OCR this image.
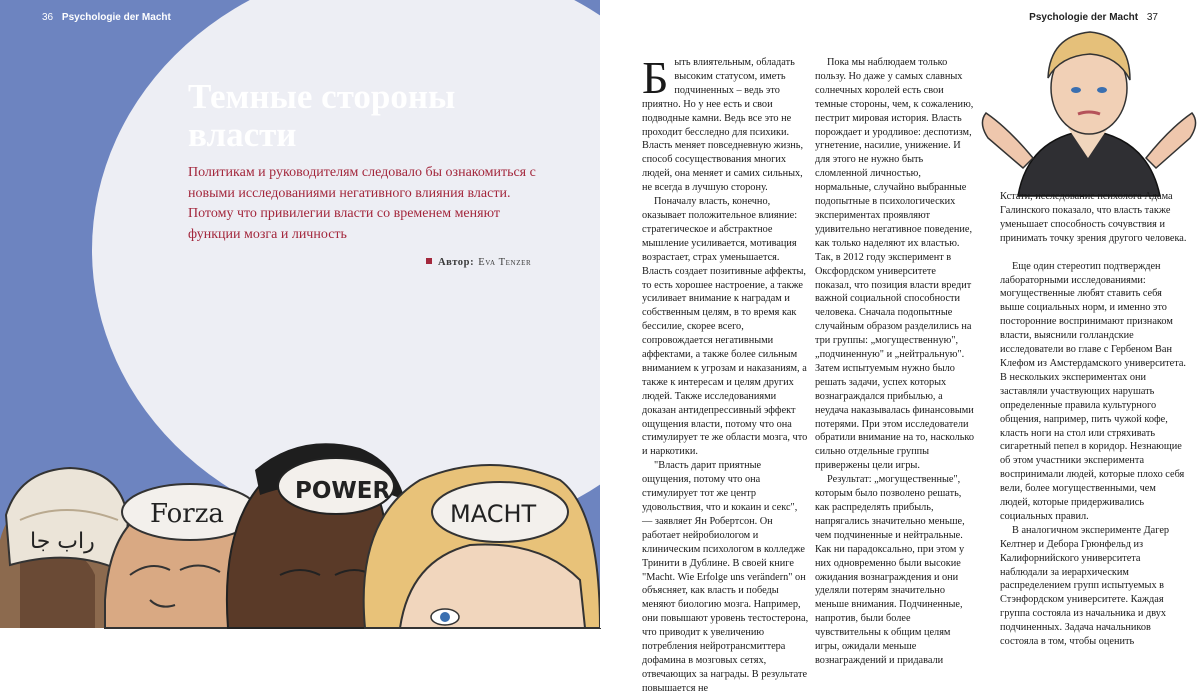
36 Psychologie der Macht
Темные стороны
власти
Политикам и руководителям следовало бы ознакомиться с новыми исследованиями негативного влияния власти. Потому что привилегии власти со временем меняют функции мозга и личность
Автор: Eva Tenzer
راب جا
Forza
POWER
MACHT
Psychologie der Macht 37

Быть влиятельным, обладать высоким статусом, иметь подчиненных – ведь это приятно. Но у нее есть и свои подводные камни. Ведь все это не проходит бесследно для психики. Власть меняет повседневную жизнь, способ сосуществования многих людей, она меняет и самих сильных, не всегда в лучшую сторону.

Поначалу власть, конечно, оказывает положительное влияние: стратегическое и абстрактное мышление усиливается, мотивация возрастает, страх уменьшается. Власть создает позитивные аффекты, то есть хорошее настроение, а также усиливает внимание к наградам и собственным целям, в то время как бессилие, скорее всего, сопровождается негативными аффектами, а также более сильным вниманием к угрозам и наказаниям, а также к интересам и целям других людей. Также исследованиями доказан антидепрессивный эффект ощущения власти, потому что она стимулирует те же области мозга, что и наркотики.

"Власть дарит приятные ощущения, потому что она стимулирует тот же центр удовольствия, что и кокаин и секс", — заявляет Ян Робертсон. Он работает нейробиологом и клиническим психологом в колледже Тринити в Дублине. В своей книге "Macht. Wie Erfolge uns verändern" он объясняет, как власть и победы меняют биологию мозга. Например, они повышают уровень тестостерона, что приводит к увеличению потребления нейротрансмиттера дофамина в мозговых сетях, отвечающих за награды. В результате повышается не

Пока мы наблюдаем только пользу. Но даже у самых славных солнечных королей есть свои темные стороны, чем, к сожалению, пестрит мировая история. Власть порождает и уродливое: деспотизм, угнетение, насилие, унижение. И для этого не нужно быть сломленной личностью, нормальные, случайно выбранные подопытные в психологических экспериментах проявляют удивительно негативное поведение, как только наделяют их властью. Так, в 2012 году эксперимент в Оксфордском университете показал, что позиция власти вредит важной социальной способности человека. Сначала подопытные случайным образом разделились на три группы: „могущественную", „подчиненную" и „нейтральную". Затем испытуемым нужно было решать задачи, успех которых вознаграждался прибылью, а неудача наказывалась финансовыми потерями. При этом исследователи обратили внимание на то, насколько сильно отдельные группы привержены цели игры.

Результат: „могущественные", которым было позволено решать, как распределять прибыль, напрягались значительно меньше, чем подчиненные и нейтральные. Как ни парадоксально, при этом у них одновременно были высокие ожидания вознаграждения и они уделяли потерям значительно меньше внимания. Подчиненные, напротив, были более чувствительны к общим целям игры, ожидали меньше вознаграждений и придавали

Кстати, исследование психолога Адама Галинского показало, что власть также уменьшает способность сочувствия и принимать точку зрения другого человека.

Еще один стереотип подтвержден лабораторными исследованиями: могущественные любят ставить себя выше социальных норм, и именно это посторонние воспринимают признаком власти, выяснили голландские исследователи во главе с Гербеном Ван Клефом из Амстердамского университета. В нескольких экспериментах они заставляли участвующих нарушать определенные правила культурного общения, например, пить чужой кофе, класть ноги на стол или стряхивать сигаретный пепел в коридор. Незнающие об этом участники эксперимента воспринимали людей, которые плохо себя вели, более могущественными, чем людей, которые придерживались социальных правил.

В аналогичном эксперименте Дагер Келтнер и Дебора Грюнфельд из Калифорнийского университета наблюдали за иерархическим распределением групп испытуемых в Стэнфордском университете. Каждая группа состояла из начальника и двух подчиненных. Задача начальников состояла в том, чтобы оценить
